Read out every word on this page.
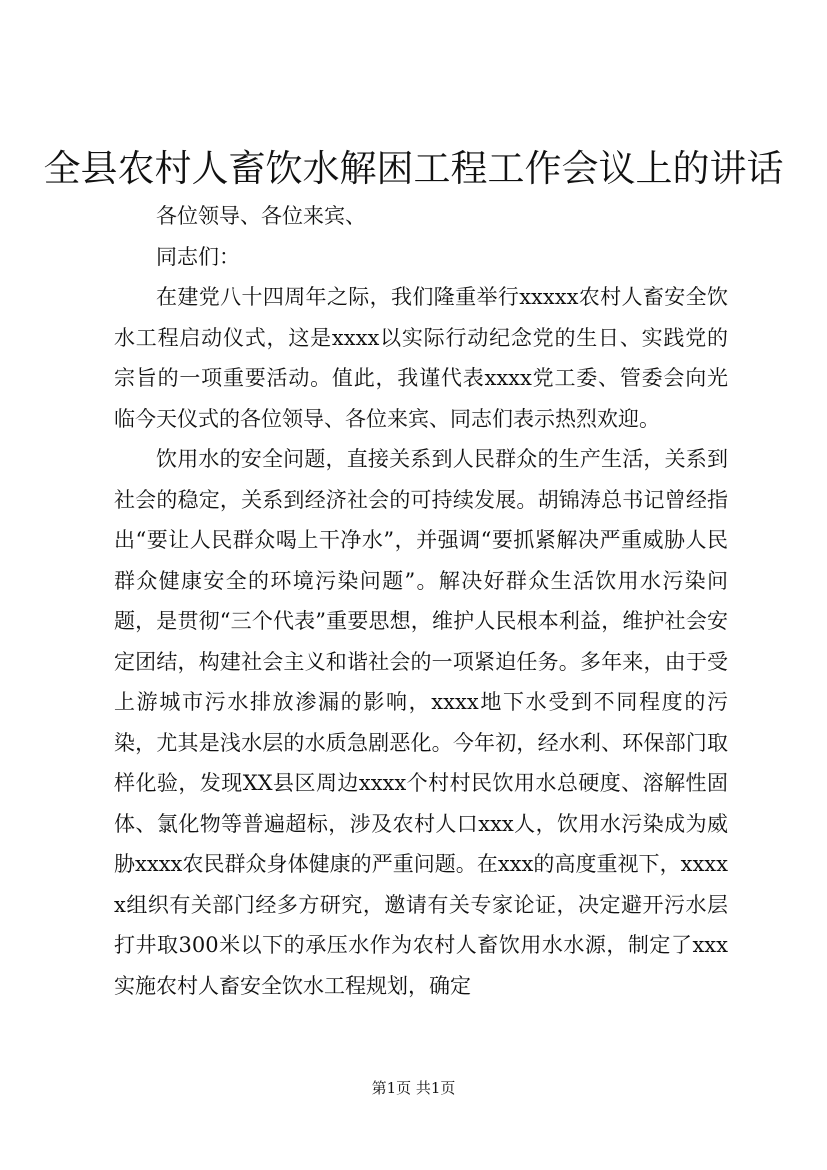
全县农村人畜饮水解困工程工作会议上的讲话

各位领导、各位来宾、

同志们：

在建党八十四周年之际，我们隆重举行xxxxx农村人畜安全饮水工程启动仪式，这是xxxx以实际行动纪念党的生日、实践党的宗旨的一项重要活动。值此，我谨代表xxxx党工委、管委会向光临今天仪式的各位领导、各位来宾、同志们表示热烈欢迎。

饮用水的安全问题，直接关系到人民群众的生产生活，关系到社会的稳定，关系到经济社会的可持续发展。胡锦涛总书记曾经指出“要让人民群众喝上干净水”，并强调“要抓紧解决严重威胁人民群众健康安全的环境污染问题”。解决好群众生活饮用水污染问题，是贯彻“三个代表”重要思想，维护人民根本利益，维护社会安定团结，构建社会主义和谐社会的一项紧迫任务。多年来，由于受上游城市污水排放渗漏的影响，xxxx地下水受到不同程度的污染，尤其是浅水层的水质急剧恶化。今年初，经水利、环保部门取样化验，发现XX县区周边xxxx个村村民饮用水总硬度、溶解性固体、氯化物等普遍超标，涉及农村人口xxx人，饮用水污染成为威胁xxxx农民群众身体健康的严重问题。在xxx的高度重视下，xxxxx组织有关部门经多方研究，邀请有关专家论证，决定避开污水层打井取300米以下的承压水作为农村人畜饮用水水源，制定了xxx实施农村人畜安全饮水工程规划，确定

第1页 共1页
